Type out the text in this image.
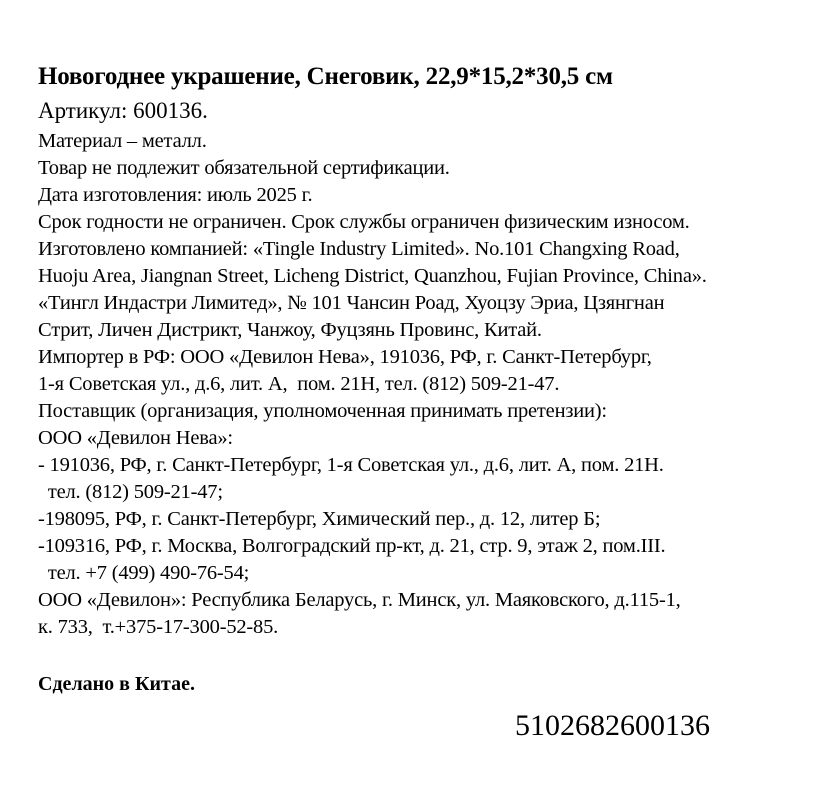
Новогоднее украшение, Снеговик, 22,9*15,2*30,5 см
Артикул: 600136.
Материал – металл.
Товар не подлежит обязательной сертификации.
Дата изготовления: июль 2025 г.
Срок годности не ограничен. Срок службы ограничен физическим износом.
Изготовлено компанией: «Tingle Industry Limited». No.101 Changxing Road,
Huoju Area, Jiangnan Street, Licheng District, Quanzhou, Fujian Province, China».
«Тингл Индастри Лимитед», № 101 Чансин Роад, Хуоцзу Эриа, Цзянгнан
Стрит, Личен Дистрикт, Чанжоу, Фуцзянь Провинс, Китай.
Импортер в РФ: ООО «Девилон Нева», 191036, РФ, г. Санкт-Петербург,
1-я Советская ул., д.6, лит. А,  пом. 21Н, тел. (812) 509-21-47.
Поставщик (организация, уполномоченная принимать претензии):
ООО «Девилон Нева»:
- 191036, РФ, г. Санкт-Петербург, 1-я Советская ул., д.6, лит. А, пом. 21Н.
тел. (812) 509-21-47;
-198095, РФ, г. Санкт-Петербург, Химический пер., д. 12, литер Б;
-109316, РФ, г. Москва, Волгоградский пр-кт, д. 21, стр. 9, этаж 2, пом.III.
тел. +7 (499) 490-76-54;
ООО «Девилон»: Республика Беларусь, г. Минск, ул. Маяковского, д.115-1,
к. 733,  т.+375-17-300-52-85.
Сделано в Китае.
5102682600136
